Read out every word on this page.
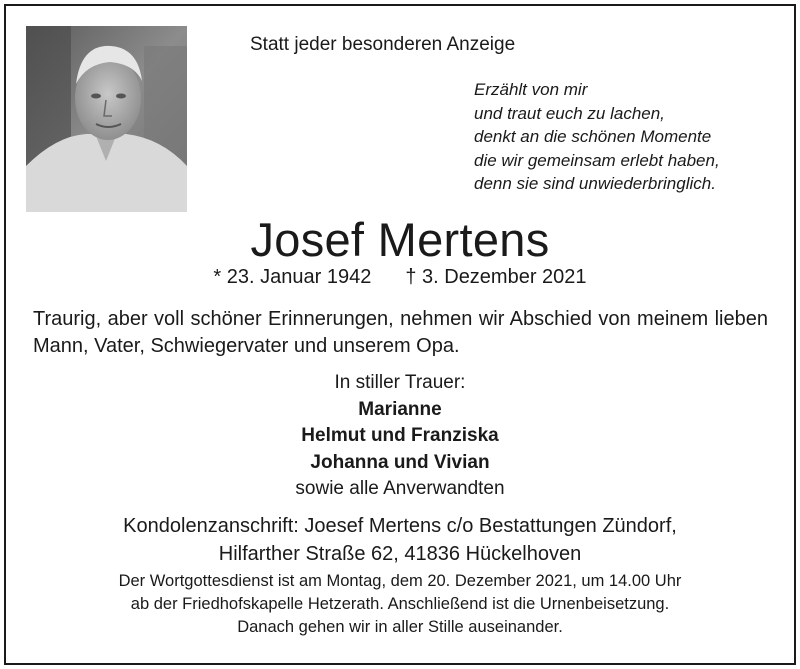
Statt jeder besonderen Anzeige
Erzählt von mir
und traut euch zu lachen,
denkt an die schönen Momente
die wir gemeinsam erlebt haben,
denn sie sind unwiederbringlich.
Josef Mertens
* 23. Januar 1942 † 3. Dezember 2021
Traurig, aber voll schöner Erinnerungen, nehmen wir Abschied von meinem lieben Mann, Vater, Schwiegervater und unserem Opa.
In stiller Trauer:
Marianne
Helmut und Franziska
Johanna und Vivian
sowie alle Anverwandten
Kondolenzanschrift: Joesef Mertens c/o Bestattungen Zündorf,
Hilfarther Straße 62, 41836 Hückelhoven
Der Wortgottesdienst ist am Montag, dem 20. Dezember 2021, um 14.00 Uhr
ab der Friedhofskapelle Hetzerath. Anschließend ist die Urnenbeisetzung.
Danach gehen wir in aller Stille auseinander.
